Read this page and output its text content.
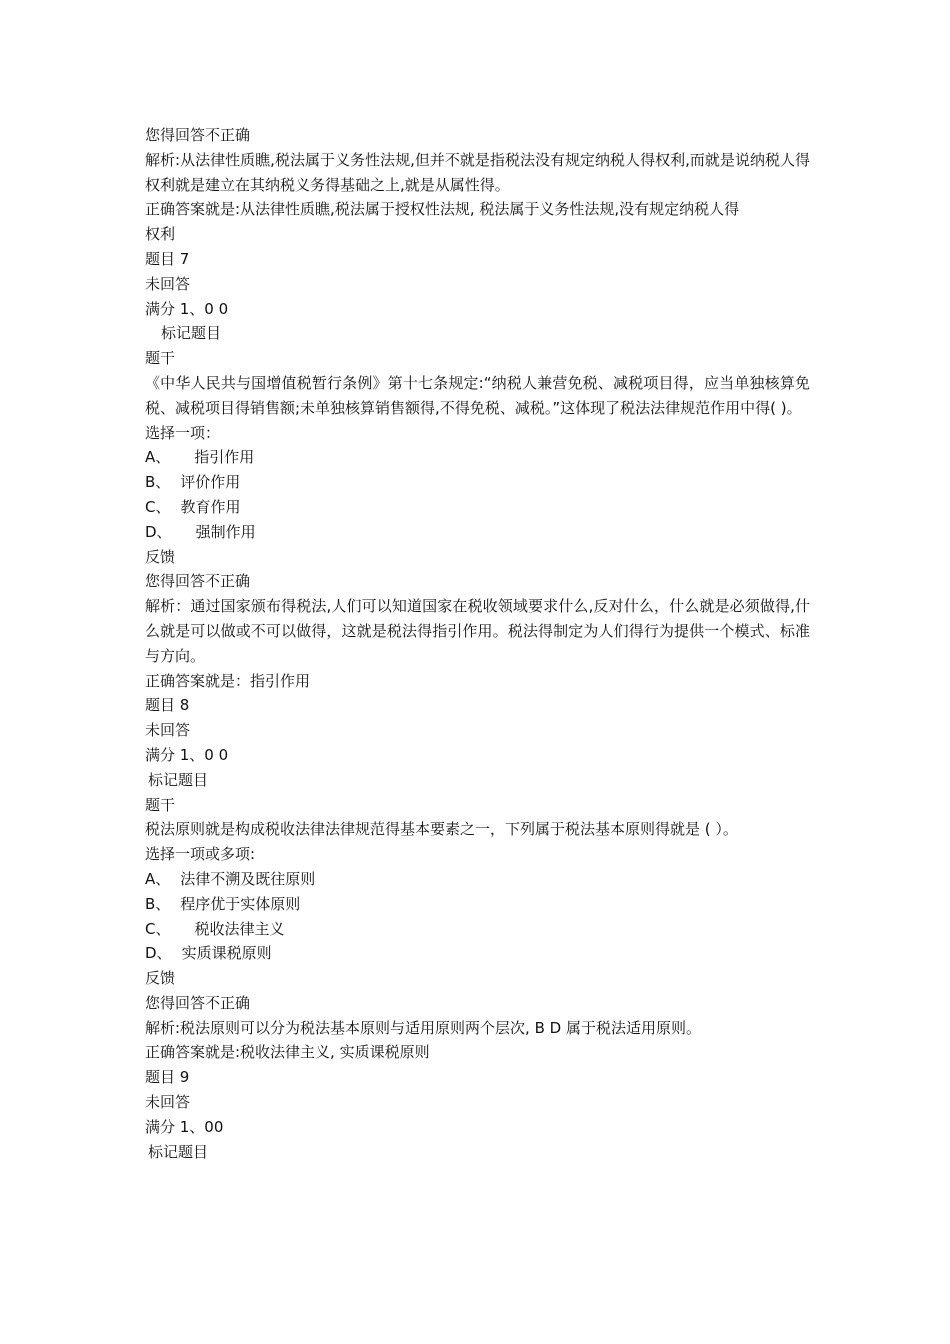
您得回答不正确
解析:从法律性质瞧,税法属于义务性法规,但并不就是指税法没有规定纳税人得权利,而就是说纳税人得权利就是建立在其纳税义务得基础之上,就是从属性得。
正确答案就是:从法律性质瞧,税法属于授权性法规, 税法属于义务性法规,没有规定纳税人得
权利
题目 7
未回答
满分 1、0 0
标记题目
题干
《中华人民共与国增值税暂行条例》第十七条规定:“纳税人兼营免税、减税项目得，应当单独核算免税、减税项目得销售额;未单独核算销售额得,不得免税、减税。”这体现了税法法律规范作用中得( )。
选择一项：
A、 指引作用
B、 评价作用
C、 教育作用
D、 强制作用
反馈
您得回答不正确
解析：通过国家颁布得税法,人们可以知道国家在税收领域要求什么,反对什么，什么就是必须做得,什么就是可以做或不可以做得，这就是税法得指引作用。税法得制定为人们得行为提供一个模式、标准与方向。
正确答案就是：指引作用
题目 8
未回答
满分 1、0 0
标记题目
题干
税法原则就是构成税收法律法律规范得基本要素之一，下列属于税法基本原则得就是 ( ）。
选择一项或多项:
A、 法律不溯及既往原则
B、 程序优于实体原则
C、 税收法律主义
D、 实质课税原则
反馈
您得回答不正确
解析:税法原则可以分为税法基本原则与适用原则两个层次, B D 属于税法适用原则。
正确答案就是:税收法律主义, 实质课税原则
题目 9
未回答
满分 1、00
标记题目
